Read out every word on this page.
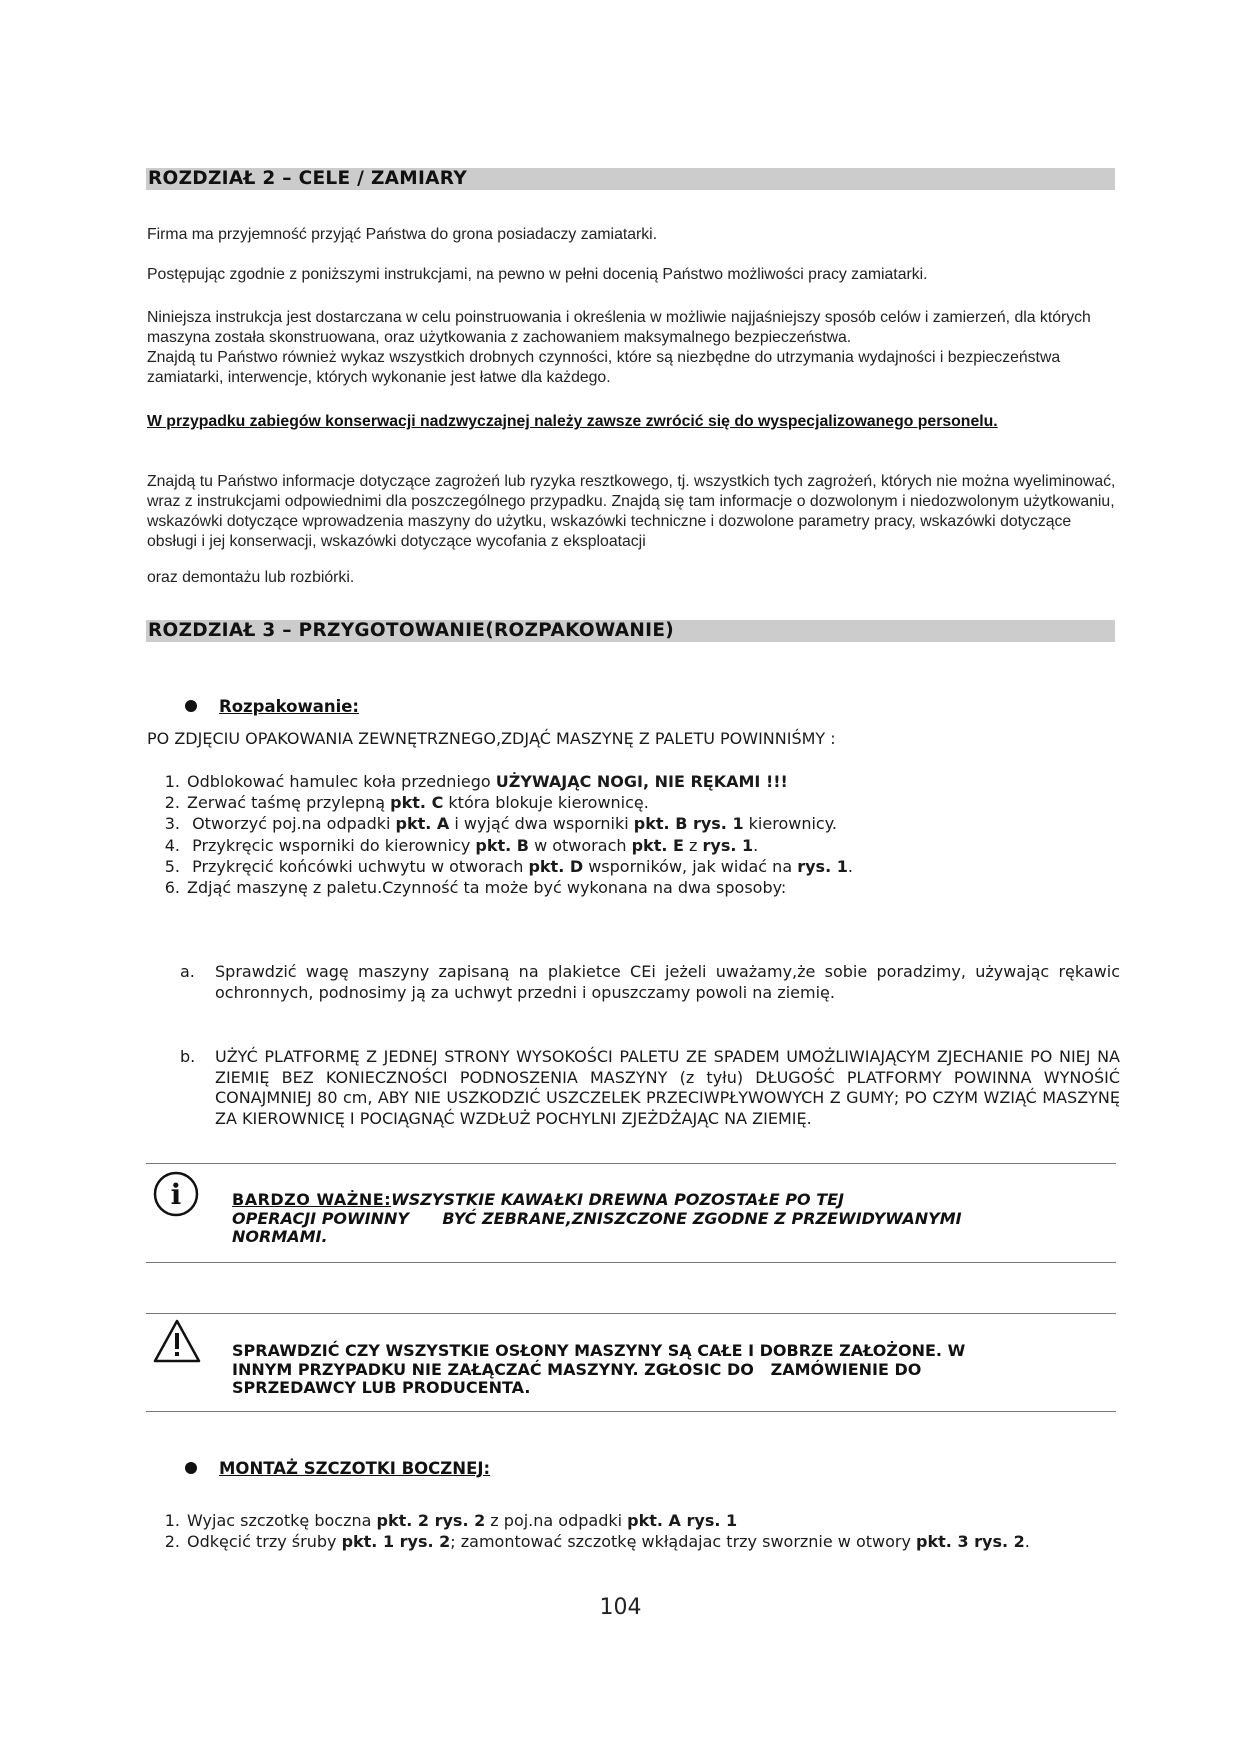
ROZDZIAŁ 2 – CELE / ZAMIARY
Firma ma przyjemność przyjąć Państwa do grona posiadaczy zamiatarki.
Postępując zgodnie z poniższymi instrukcjami, na pewno w pełni docenią Państwo możliwości pracy zamiatarki.
Niniejsza instrukcja jest dostarczana w celu poinstruowania i określenia w możliwie najjaśniejszy sposób celów i zamierzeń, dla których maszyna została skonstruowana, oraz użytkowania z zachowaniem maksymalnego bezpieczeństwa.
Znajdą tu Państwo również wykaz wszystkich drobnych czynności, które są niezbędne do utrzymania wydajności i bezpieczeństwa zamiatarki, interwencje, których wykonanie jest łatwe dla każdego.
W przypadku zabiegów konserwacji nadzwyczajnej należy zawsze zwrócić się do wyspecjalizowanego personelu.
Znajdą tu Państwo informacje dotyczące zagrożeń lub ryzyka resztkowego, tj. wszystkich tych zagrożeń, których nie można wyeliminować, wraz z instrukcjami odpowiednimi dla poszczególnego przypadku. Znajdą się tam informacje o dozwolonym i niedozwolonym użytkowaniu, wskazówki dotyczące wprowadzenia maszyny do użytku, wskazówki techniczne i dozwolone parametry pracy, wskazówki dotyczące obsługi i jej konserwacji, wskazówki dotyczące wycofania z eksploatacji
oraz demontażu lub rozbiórki.
ROZDZIAŁ 3 – PRZYGOTOWANIE(ROZPAKOWANIE)
Rozpakowanie:
PO ZDJĘCIU OPAKOWANIA ZEWNĘTRZNEGO,ZDJĄĆ MASZYNĘ Z PALETU POWINNIŚMY :
1. Odblokować hamulec koła przedniego UŻYWAJĄC NOGI, NIE RĘKAMI !!!
2. Zerwać taśmę przylepną pkt. C która blokuje kierownicę.
3. Otworzyć poj.na odpadki pkt. A i wyjąć dwa wsporniki pkt. B rys. 1 kierownicy.
4. Przykręcic wsporniki do kierownicy pkt. B w otworach pkt. E z rys. 1 .
5. Przykręcić końcówki uchwytu w otworach pkt. D wsporników, jak widać na rys. 1 .
6. Zdjąć maszynę z paletu.Czynność ta może być wykonana na dwa sposoby:
a. Sprawdzić wagę maszyny zapisaną na plakietce CEi jeżeli uważamy,że sobie poradzimy, używając rękawic ochronnych, podnosimy ją za uchwyt przedni i opuszczamy powoli na ziemię.
b. UŻYĆ PLATFORMĘ Z JEDNEJ STRONY WYSOKOŚCI PALETU ZE SPADEM UMOŻLIWIAJĄCYM ZJECHANIE PO NIEJ NA ZIEMIĘ BEZ KONIECZNOŚCI PODNOSZENIA MASZYNY (z tyłu) DŁUGOŚĆ PLATFORMY POWINNA WYNOŚIĆ CONAJMNIEJ 80 cm, ABY NIE USZKODZIĆ USZCZELEK PRZECIWPŁYWOWYCH Z GUMY; PO CZYM WZIĄĆ MASZYNĘ ZA KIEROWNICĘ I POCIĄGNĄĆ WZDŁUŻ POCHYLNI ZJEŻDŻAJĄC NA ZIEMIĘ.
i	BARDZO WAŻNE:WSZYSTKIE KAWAŁKI DREWNA POZOSTAŁE PO TEJ
OPERACJI POWINNY      BYĆ ZEBRANE,ZNISZCZONE ZGODNE Z PRZEWIDYWANYMI
NORMAMI.
SPRAWDZIĆ CZY WSZYSTKIE OSŁONY MASZYNY SĄ CAŁE I DOBRZE ZAŁOŻONE. W
INNYM PRZYPADKU NIE ZAŁĄCZAĆ MASZYNY. ZGŁOSIC DO   ZAMÓWIENIE DO
SPRZEDAWCY LUB PRODUCENTA.
MONTAŻ SZCZOTKI BOCZNEJ:
1. Wyjac szczotkę boczna pkt. 2 rys. 2 z poj.na odpadki pkt. A rys. 1
2. Odkęcić trzy śruby pkt. 1 rys. 2 ; zamontować szczotkę wkłądajac trzy sworznie w otwory pkt. 3 rys. 2 .
104
